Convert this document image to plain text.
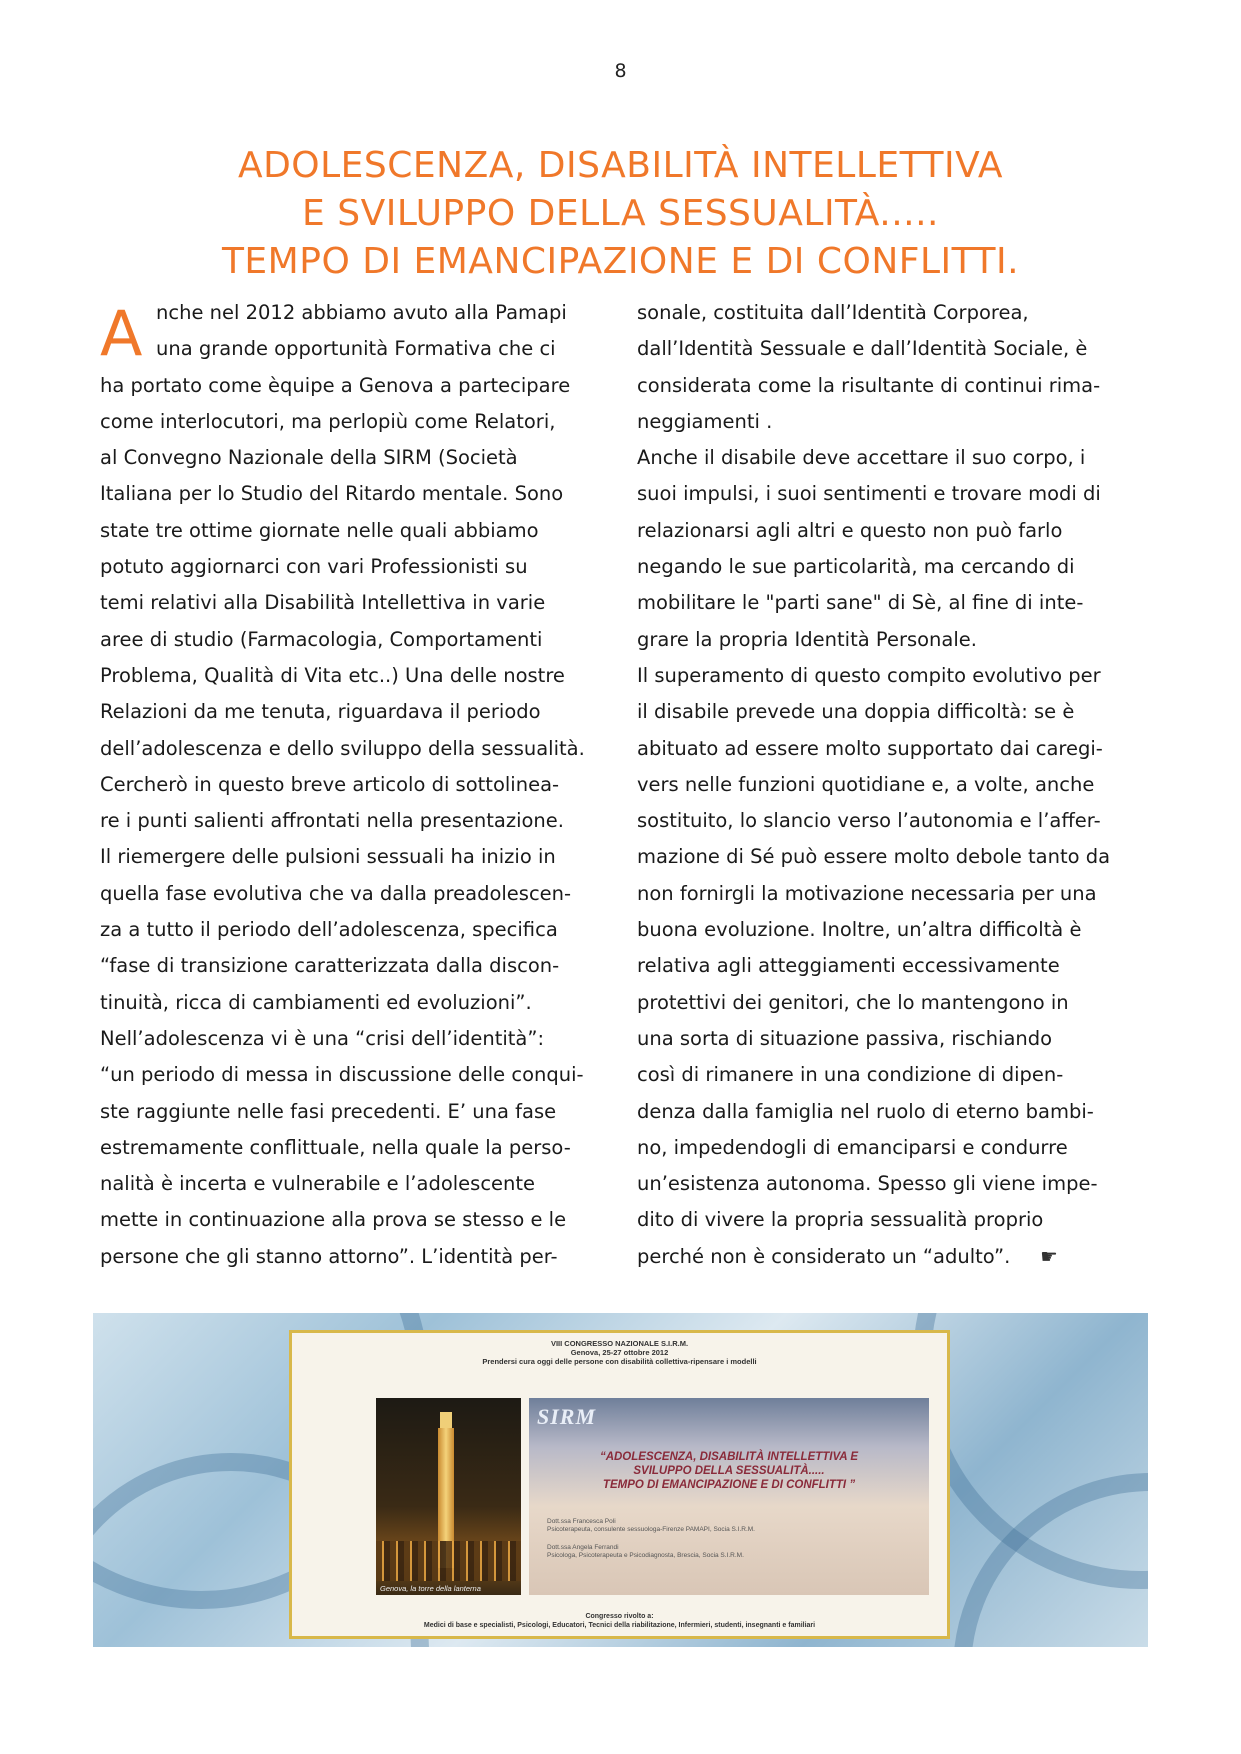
8
ADOLESCENZA, DISABILITÀ INTELLETTIVA
E SVILUPPO DELLA SESSUALITÀ.....
TEMPO DI EMANCIPAZIONE E DI CONFLITTI.
A nche nel 2012 abbiamo avuto alla Pamapi
una grande opportunità Formativa che ci
ha portato come èquipe a Genova a partecipare
come interlocutori, ma perlopiù come Relatori,
al Convegno Nazionale della SIRM (Società
Italiana per lo Studio del Ritardo mentale. Sono
state tre ottime giornate nelle quali abbiamo
potuto aggiornarci con vari Professionisti su
temi relativi alla Disabilità Intellettiva in varie
aree di studio (Farmacologia, Comportamenti
Problema, Qualità di Vita etc..) Una delle nostre
Relazioni da me tenuta, riguardava il periodo
dell’adolescenza e dello sviluppo della sessualità.
Cercherò in questo breve articolo di sottolinea-
re i punti salienti affrontati nella presentazione.
Il riemergere delle pulsioni sessuali ha inizio in
quella fase evolutiva che va dalla preadolescen-
za a tutto il periodo dell’adolescenza, specifica
“fase di transizione caratterizzata dalla discon-
tinuità, ricca di cambiamenti ed evoluzioni”.
Nell’adolescenza vi è una “crisi dell’identità”:
“un periodo di messa in discussione delle conqui-
ste raggiunte nelle fasi precedenti. E’ una fase
estremamente conflittuale, nella quale la perso-
nalità è incerta e vulnerabile e l’adolescente
mette in continuazione alla prova se stesso e le
persone che gli stanno attorno”. L’identità per-
sonale, costituita dall’Identità Corporea,
dall’Identità Sessuale e dall’Identità Sociale, è
considerata come la risultante di continui rima-
neggiamenti .
Anche il disabile deve accettare il suo corpo, i
suoi impulsi, i suoi sentimenti e trovare modi di
relazionarsi agli altri e questo non può farlo
negando le sue particolarità, ma cercando di
mobilitare le "parti sane" di Sè, al fine di inte-
grare la propria Identità Personale.
Il superamento di questo compito evolutivo per
il disabile prevede una doppia difficoltà: se è
abituato ad essere molto supportato dai caregi-
vers nelle funzioni quotidiane e, a volte, anche
sostituito, lo slancio verso l’autonomia e l’affer-
mazione di Sé può essere molto debole tanto da
non fornirgli la motivazione necessaria per una
buona evoluzione. Inoltre, un’altra difficoltà è
relativa agli atteggiamenti eccessivamente
protettivi dei genitori, che lo mantengono in
una sorta di situazione passiva, rischiando
così di rimanere in una condizione di dipen-
denza dalla famiglia nel ruolo di eterno bambi-
no, impedendogli di emanciparsi e condurre
un’esistenza autonoma. Spesso gli viene impe-
dito di vivere la propria sessualità proprio
perché non è considerato un “adulto”. ☛
VIII CONGRESSO NAZIONALE S.I.R.M.
Genova, 25-27 ottobre 2012
Prendersi cura oggi delle persone con disabilità collettiva-ripensare i modelli
Genova, la torre della lanterna
SIRM
“ADOLESCENZA, DISABILITÀ INTELLETTIVA E
SVILUPPO DELLA SESSUALITÀ.....
TEMPO DI EMANCIPAZIONE E DI CONFLITTI ”
Dott.ssa Francesca Poli
Psicoterapeuta, consulente sessuologa-Firenze PAMAPI, Socia S.I.R.M.
Dott.ssa Angela Ferrandi
Psicologa, Psicoterapeuta e Psicodiagnosta, Brescia, Socia S.I.R.M.
Congresso rivolto a:
Medici di base e specialisti, Psicologi, Educatori, Tecnici della riabilitazione, Infermieri, studenti, insegnanti e familiari
